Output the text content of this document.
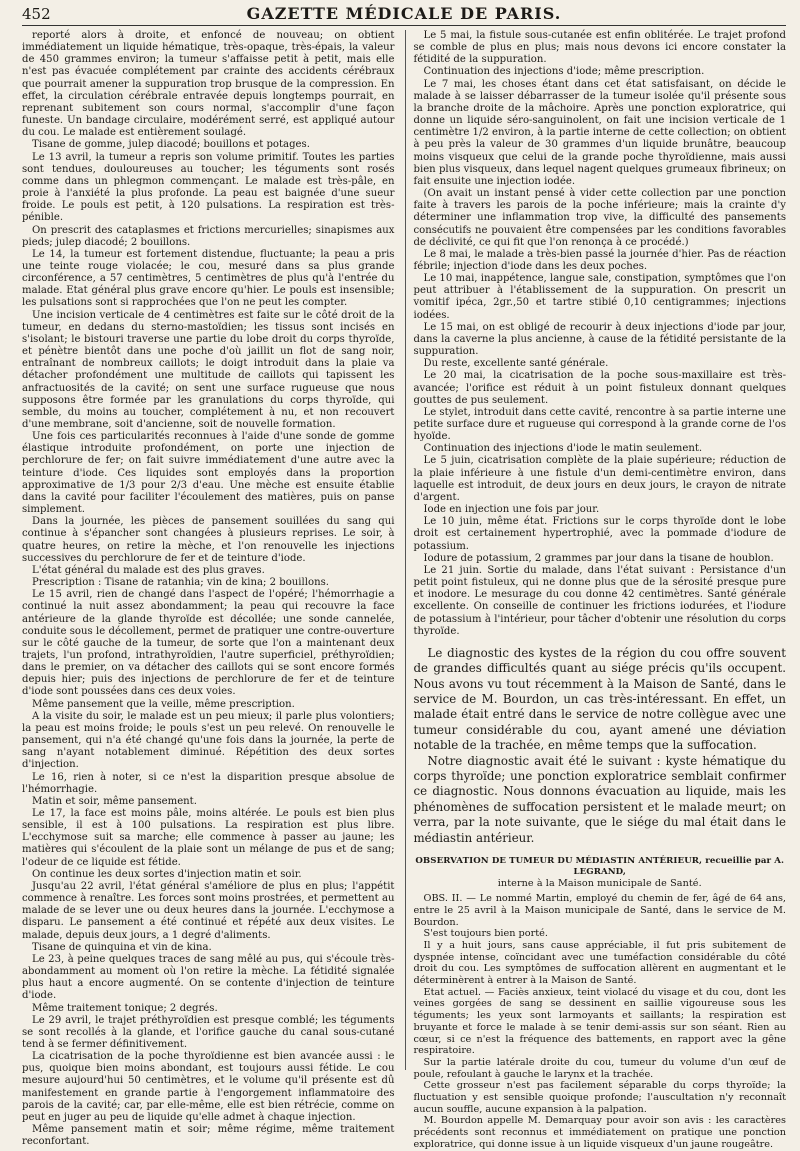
452	GAZETTE MÉDICALE DE PARIS.

reporté alors à droite, et enfoncé de nouveau; on obtient immédiatement un liquide hématique, très-opaque, très-épais, la valeur de 450 grammes environ; la tumeur s'affaisse petit à petit, mais elle n'est pas évacuée complétement par crainte des accidents cérébraux que pourrait amener la suppuration trop brusque de la compression. En effet, la circulation cérébrale entravée depuis longtemps pourrait, en reprenant subitement son cours normal, s'accomplir d'une façon funeste. Un bandage circulaire, modérément serré, est appliqué autour du cou. Le malade est entièrement soulagé.

Tisane de gomme, julep diacodé; bouillons et potages.

Le 13 avril, la tumeur a repris son volume primitif. Toutes les parties sont tendues, douloureuses au toucher; les téguments sont rosés comme dans un phlegmon commençant. Le malade est très-pâle, en proie à l'anxiété la plus profonde. La peau est baignée d'une sueur froide. Le pouls est petit, à 120 pulsations. La respiration est très-pénible.

On prescrit des cataplasmes et frictions mercurielles; sinapismes aux pieds; julep diacodé; 2 bouillons.

Le 14, la tumeur est fortement distendue, fluctuante; la peau a pris une teinte rouge violacée; le cou, mesuré dans sa plus grande circonférence, a 57 centimètres, 5 centimètres de plus qu'à l'entrée du malade. Etat général plus grave encore qu'hier. Le pouls est insensible; les pulsations sont si rapprochées que l'on ne peut les compter.

Une incision verticale de 4 centimètres est faite sur le côté droit de la tumeur, en dedans du sterno-mastoïdien; les tissus sont incisés en s'isolant; le bistouri traverse une partie du lobe droit du corps thyroïde, et pénètre bientôt dans une poche d'où jaillit un flot de sang noir, entraînant de nombreux caillots; le doigt introduit dans la plaie va détacher profondément une multitude de caillots qui tapissent les anfractuosités de la cavité; on sent une surface rugueuse que nous supposons être formée par les granulations du corps thyroïde, qui semble, du moins au toucher, complétement à nu, et non recouvert d'une membrane, soit d'ancienne, soit de nouvelle formation.

Une fois ces particularités reconnues à l'aide d'une sonde de gomme élastique introduite profondément, on porte une injection de perchlorure de fer; on fait suivre immédiatement d'une autre avec la teinture d'iode. Ces liquides sont employés dans la proportion approximative de 1/3 pour 2/3 d'eau. Une mèche est ensuite établie dans la cavité pour faciliter l'écoulement des matières, puis on panse simplement.

Dans la journée, les pièces de pansement souillées du sang qui continue à s'épancher sont changées à plusieurs reprises. Le soir, à quatre heures, on retire la mèche, et l'on renouvelle les injections successives du perchlorure de fer et de teinture d'iode.

L'état général du malade est des plus graves.

Prescription : Tisane de ratanhia; vin de kina; 2 bouillons.

Le 15 avril, rien de changé dans l'aspect de l'opéré; l'hémorrhagie a continué la nuit assez abondamment; la peau qui recouvre la face antérieure de la glande thyroïde est décollée; une sonde cannelée, conduite sous le décollement, permet de pratiquer une contre-ouverture sur le côté gauche de la tumeur, de sorte que l'on a maintenant deux trajets, l'un profond, intrathyroïdien, l'autre superficiel, préthyroïdien; dans le premier, on va détacher des caillots qui se sont encore formés depuis hier; puis des injections de perchlorure de fer et de teinture d'iode sont poussées dans ces deux voies.

Même pansement que la veille, même prescription.

A la visite du soir, le malade est un peu mieux; il parle plus volontiers; la peau est moins froide; le pouls s'est un peu relevé. On renouvelle le pansement, qui n'a été changé qu'une fois dans la journée, la perte de sang n'ayant notablement diminué. Répétition des deux sortes d'injection.

Le 16, rien à noter, si ce n'est la disparition presque absolue de l'hémorrhagie.

Matin et soir, même pansement.

Le 17, la face est moins pâle, moins altérée. Le pouls est bien plus sensible, il est à 100 pulsations. La respiration est plus libre. L'ecchymose suit sa marche; elle commence à passer au jaune; les matières qui s'écoulent de la plaie sont un mélange de pus et de sang; l'odeur de ce liquide est fétide.

On continue les deux sortes d'injection matin et soir.

Jusqu'au 22 avril, l'état général s'améliore de plus en plus; l'appétit commence à renaître. Les forces sont moins prostrées, et permettent au malade de se lever une ou deux heures dans la journée. L'ecchymose a disparu. Le pansement a été continué et répété aux deux visites. Le malade, depuis deux jours, a 1 degré d'aliments.

Tisane de quinquina et vin de kina.

Le 23, à peine quelques traces de sang mêlé au pus, qui s'écoule très-abondamment au moment où l'on retire la mèche. La fétidité signalée plus haut a encore augmenté. On se contente d'injection de teinture d'iode.

Même traitement tonique; 2 degrés.

Le 29 avril, le trajet préthyroïdien est presque comblé; les téguments se sont recollés à la glande, et l'orifice gauche du canal sous-cutané tend à se fermer définitivement.

La cicatrisation de la poche thyroïdienne est bien avancée aussi : le pus, quoique bien moins abondant, est toujours aussi fétide. Le cou mesure aujourd'hui 50 centimètres, et le volume qu'il présente est dû manifestement en grande partie à l'engorgement inflammatoire des parois de la cavité; car, par elle-même, elle est bien rétrécie, comme on peut en juger au peu de liquide qu'elle admet à chaque injection.

Même pansement matin et soir; même régime, même traitement reconfortant.

Le 5 mai, la fistule sous-cutanée est enfin oblitérée. Le trajet profond se comble de plus en plus; mais nous devons ici encore constater la fétidité de la suppuration.

Continuation des injections d'iode; même prescription.

Le 7 mai, les choses étant dans cet état satisfaisant, on décide le malade à se laisser débarrasser de la tumeur isolée qu'il présente sous la branche droite de la mâchoire. Après une ponction exploratrice, qui donne un liquide séro-sanguinolent, on fait une incision verticale de 1 centimètre 1/2 environ, à la partie interne de cette collection; on obtient à peu près la valeur de 30 grammes d'un liquide brunâtre, beaucoup moins visqueux que celui de la grande poche thyroïdienne, mais aussi bien plus visqueux, dans lequel nagent quelques grumeaux fibrineux; on fait ensuite une injection iodée.

(On avait un instant pensé à vider cette collection par une ponction faite à travers les parois de la poche inférieure; mais la crainte d'y déterminer une inflammation trop vive, la difficulté des pansements consécutifs ne pouvaient être compensées par les conditions favorables de déclivité, ce qui fit que l'on renonça à ce procédé.)

Le 8 mai, le malade a très-bien passé la journée d'hier. Pas de réaction fébrile; injection d'iode dans les deux poches.

Le 10 mai, inappétence, langue sale, constipation, symptômes que l'on peut attribuer à l'établissement de la suppuration. On prescrit un vomitif ipéca, 2gr.,50 et tartre stibié 0,10 centigrammes; injections iodées.

Le 15 mai, on est obligé de recourir à deux injections d'iode par jour, dans la caverne la plus ancienne, à cause de la fétidité persistante de la suppuration.

Du reste, excellente santé générale.

Le 20 mai, la cicatrisation de la poche sous-maxillaire est très-avancée; l'orifice est réduit à un point fistuleux donnant quelques gouttes de pus seulement.

Le stylet, introduit dans cette cavité, rencontre à sa partie interne une petite surface dure et rugueuse qui correspond à la grande corne de l'os hyoïde.

Continuation des injections d'iode le matin seulement.

Le 5 juin, cicatrisation complète de la plaie supérieure; réduction de la plaie inférieure à une fistule d'un demi-centimètre environ, dans laquelle est introduit, de deux jours en deux jours, le crayon de nitrate d'argent.

Iode en injection une fois par jour.

Le 10 juin, même état. Frictions sur le corps thyroïde dont le lobe droit est certainement hypertrophié, avec la pommade d'iodure de potassium.

Iodure de potassium, 2 grammes par jour dans la tisane de houblon.

Le 21 juin. Sortie du malade, dans l'état suivant : Persistance d'un petit point fistuleux, qui ne donne plus que de la sérosité presque pure et inodore. Le mesurage du cou donne 42 centimètres. Santé générale excellente. On conseille de continuer les frictions iodurées, et l'iodure de potassium à l'intérieur, pour tâcher d'obtenir une résolution du corps thyroïde.

Le diagnostic des kystes de la région du cou offre souvent de grandes difficultés quant au siége précis qu'ils occupent. Nous avons vu tout récemment à la Maison de Santé, dans le service de M. Bourdon, un cas très-intéressant. En effet, un malade était entré dans le service de notre collègue avec une tumeur considérable du cou, ayant amené une déviation notable de la trachée, en même temps que la suffocation.

Notre diagnostic avait été le suivant : kyste hématique du corps thyroïde; une ponction exploratrice semblait confirmer ce diagnostic. Nous donnons évacuation au liquide, mais les phénomènes de suffocation persistent et le malade meurt; on verra, par la note suivante, que le siége du mal était dans le médiastin antérieur.

OBSERVATION DE TUMEUR DU MÉDIASTIN ANTÉRIEUR, recueillie par A. LEGRAND,
interne à la Maison municipale de Santé.

OBS. II. — Le nommé Martin, employé du chemin de fer, âgé de 64 ans, entre le 25 avril à la Maison municipale de Santé, dans le service de M. Bourdon.

S'est toujours bien porté.

Il y a huit jours, sans cause appréciable, il fut pris subitement de dyspnée intense, coïncidant avec une tuméfaction considérable du côté droit du cou. Les symptômes de suffocation allèrent en augmentant et le déterminèrent à entrer à la Maison de Santé.

Etat actuel. — Faciès anxieux, teint violacé du visage et du cou, dont les veines gorgées de sang se dessinent en saillie vigoureuse sous les téguments; les yeux sont larmoyants et saillants; la respiration est bruyante et force le malade à se tenir demi-assis sur son séant. Rien au cœur, si ce n'est la fréquence des battements, en rapport avec la gêne respiratoire.

Sur la partie latérale droite du cou, tumeur du volume d'un œuf de poule, refoulant à gauche le larynx et la trachée.

Cette grosseur n'est pas facilement séparable du corps thyroïde; la fluctuation y est sensible quoique profonde; l'auscultation n'y reconnaît aucun souffle, aucune expansion à la palpation.

M. Bourdon appelle M. Demarquay pour avoir son avis : les caractères précédents sont reconnus et immédiatement on pratique une ponction exploratrice, qui donne issue à un liquide visqueux d'un jaune rougeâtre.
